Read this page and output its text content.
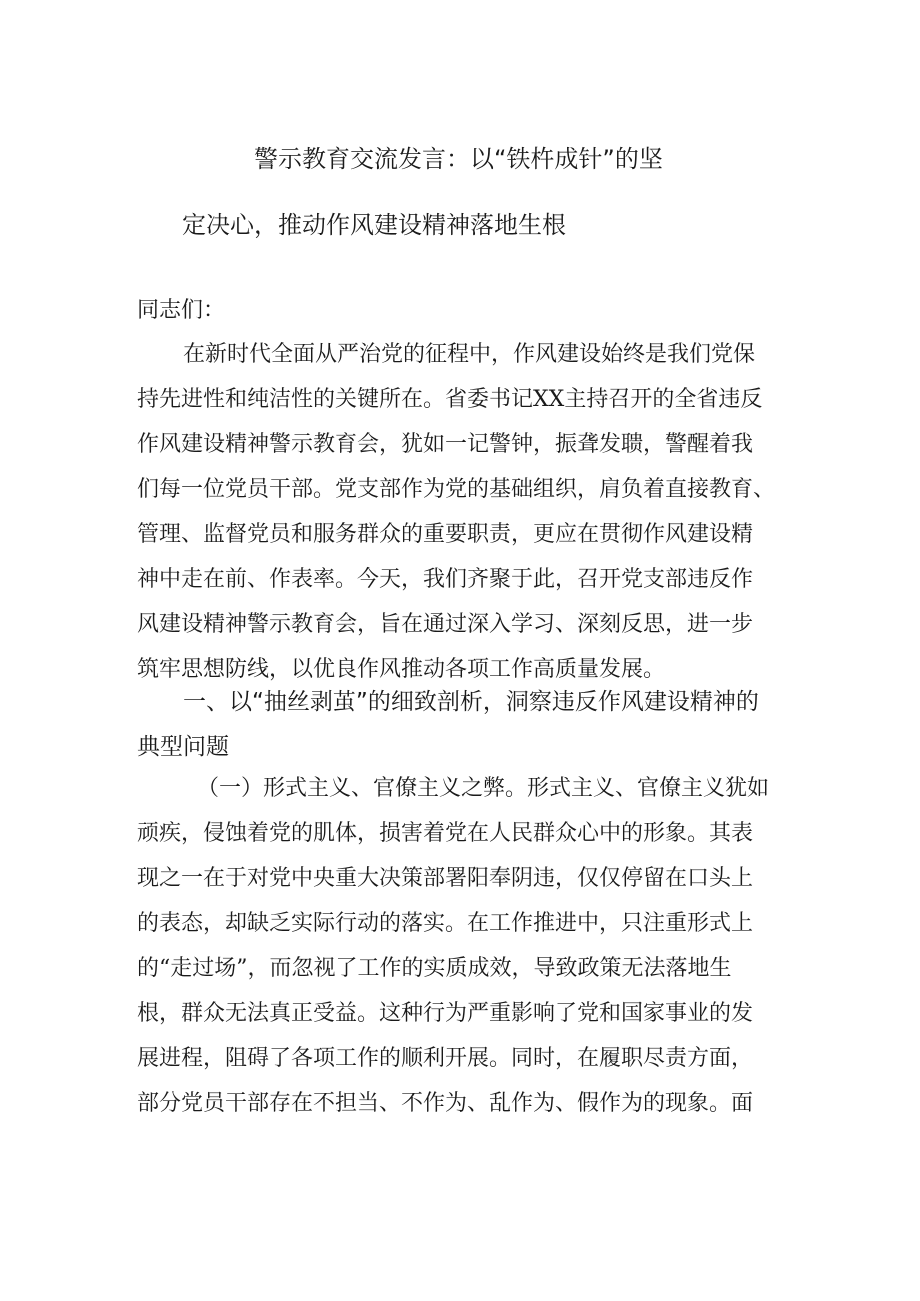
警示教育交流发言：以“铁杵成针”的坚
定决心，推动作风建设精神落地生根
同志们：
在新时代全面从严治党的征程中，作风建设始终是我们党保
持先进性和纯洁性的关键所在。省委书记XX主持召开的全省违反
作风建设精神警示教育会，犹如一记警钟，振聋发聩，警醒着我
们每一位党员干部。党支部作为党的基础组织，肩负着直接教育、
管理、监督党员和服务群众的重要职责，更应在贯彻作风建设精
神中走在前、作表率。今天，我们齐聚于此，召开党支部违反作
风建设精神警示教育会，旨在通过深入学习、深刻反思，进一步
筑牢思想防线，以优良作风推动各项工作高质量发展。
一、以“抽丝剥茧”的细致剖析，洞察违反作风建设精神的
典型问题
（一）形式主义、官僚主义之弊。形式主义、官僚主义犹如
顽疾，侵蚀着党的肌体，损害着党在人民群众心中的形象。其表
现之一在于对党中央重大决策部署阳奉阴违，仅仅停留在口头上
的表态，却缺乏实际行动的落实。在工作推进中，只注重形式上
的“走过场”，而忽视了工作的实质成效，导致政策无法落地生
根，群众无法真正受益。这种行为严重影响了党和国家事业的发
展进程，阻碍了各项工作的顺利开展。同时，在履职尽责方面，
部分党员干部存在不担当、不作为、乱作为、假作为的现象。面
